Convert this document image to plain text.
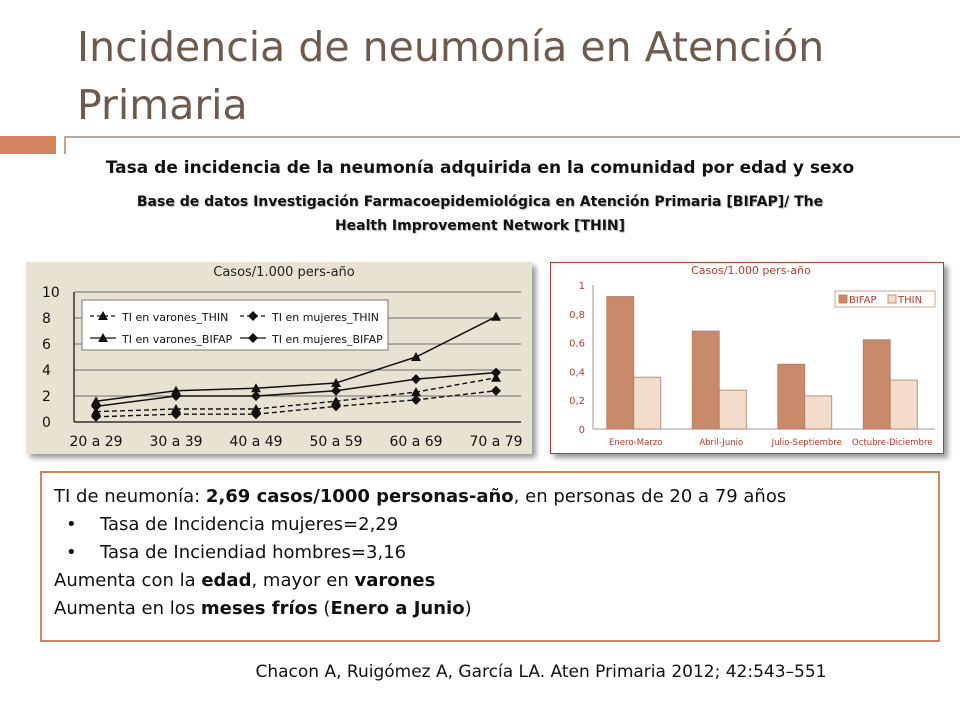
Incidencia de neumonía en Atención
Primaria

Tasa de incidencia de la neumonía adquirida en la comunidad por edad y sexo

Base de datos Investigación Farmacoepidemiológica en Atención Primaria [BIFAP]/ The
Health Improvement Network [THIN]

Casos/1.000 pers-año
0
2
4
6
8
10
20 a 29 30 a 39 40 a 49 50 a 59 60 a 69 70 a 79
TI en varones_THIN	TI en mujeres_THIN
TI en varones_BIFAP	TI en mujeres_BIFAP
Casos/1.000 pers-año
0
0,2
0,4
0,6
0,8
1
Enero-Marzo	Abril-Junio	Julio-Septiembre Octubre-Diciembre
BIFAP THIN

TI de neumonía: 2,69 casos/1000 personas-año, en personas de 20 a 79 años

• Tasa de Incidencia mujeres=2,29

• Tasa de Inciendiad hombres=3,16

Aumenta con la edad, mayor en varones

Aumenta en los meses fríos (Enero a Junio)

Chacon A, Ruigómez A, García LA. Aten Primaria 2012; 42:543–551
